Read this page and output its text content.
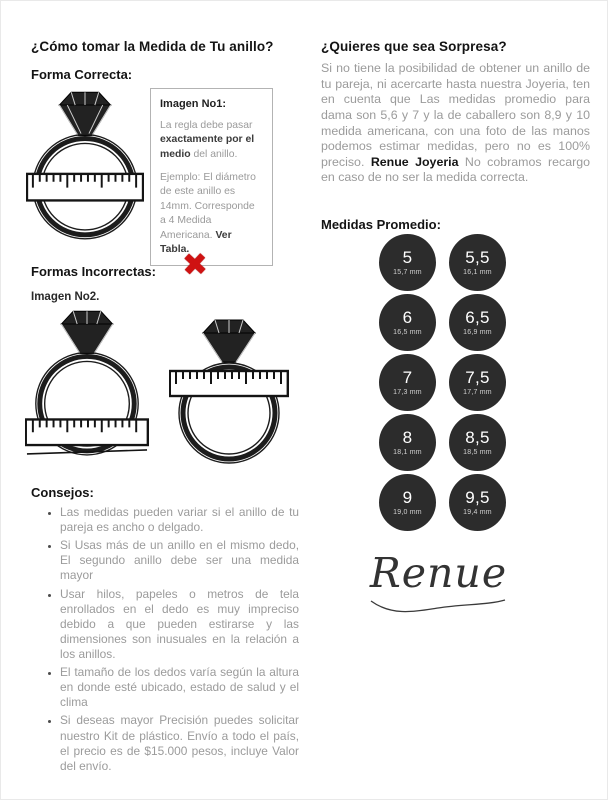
¿Cómo tomar la Medida de Tu anillo?
Forma Correcta:
Imagen No1:

La regla debe pasar exactamente por el medio del anillo.

Ejemplo: El diámetro de este anillo es 14mm. Corresponde a 4 Medida Americana. Ver Tabla.

Formas Incorrectas: ✖
Imagen No2.
Consejos:
• Las medidas pueden variar si el anillo de tu pareja es ancho o delgado.
• Si Usas más de un anillo en el mismo dedo, El segundo anillo debe ser una medida mayor
• Usar hilos, papeles o metros de tela enrollados en el dedo es muy impreciso debido a que pueden estirarse y las dimensiones son inusuales en la relación a los anillos.
• El tamaño de los dedos varía según la altura en donde esté ubicado, estado de salud y el clima
• Si deseas mayor Precisión puedes solicitar nuestro Kit de plástico. Envío a todo el país, el precio es de $15.000 pesos, incluye Valor del envío.
¿Quieres que sea Sorpresa?

Si no tiene la posibilidad de obtener un anillo de tu pareja, ni acercarte hasta nuestra Joyeria, ten en cuenta que Las medidas promedio para dama son 5,6 y 7 y la de caballero son 8,9 y 10 medida americana, con una foto de las manos podemos estimar medidas, pero no es 100% preciso. Renue Joyeria No cobramos recargo en caso de no ser la medida correcta.

Medidas Promedio:
5
15,7 mm
5,5
16,1 mm
6
16,5 mm
6,5
16,9 mm
7
17,3 mm
7,5
17,7 mm
8
18,1 mm
8,5
18,5 mm
9
19,0 mm
9,5
19,4 mm
Renue
